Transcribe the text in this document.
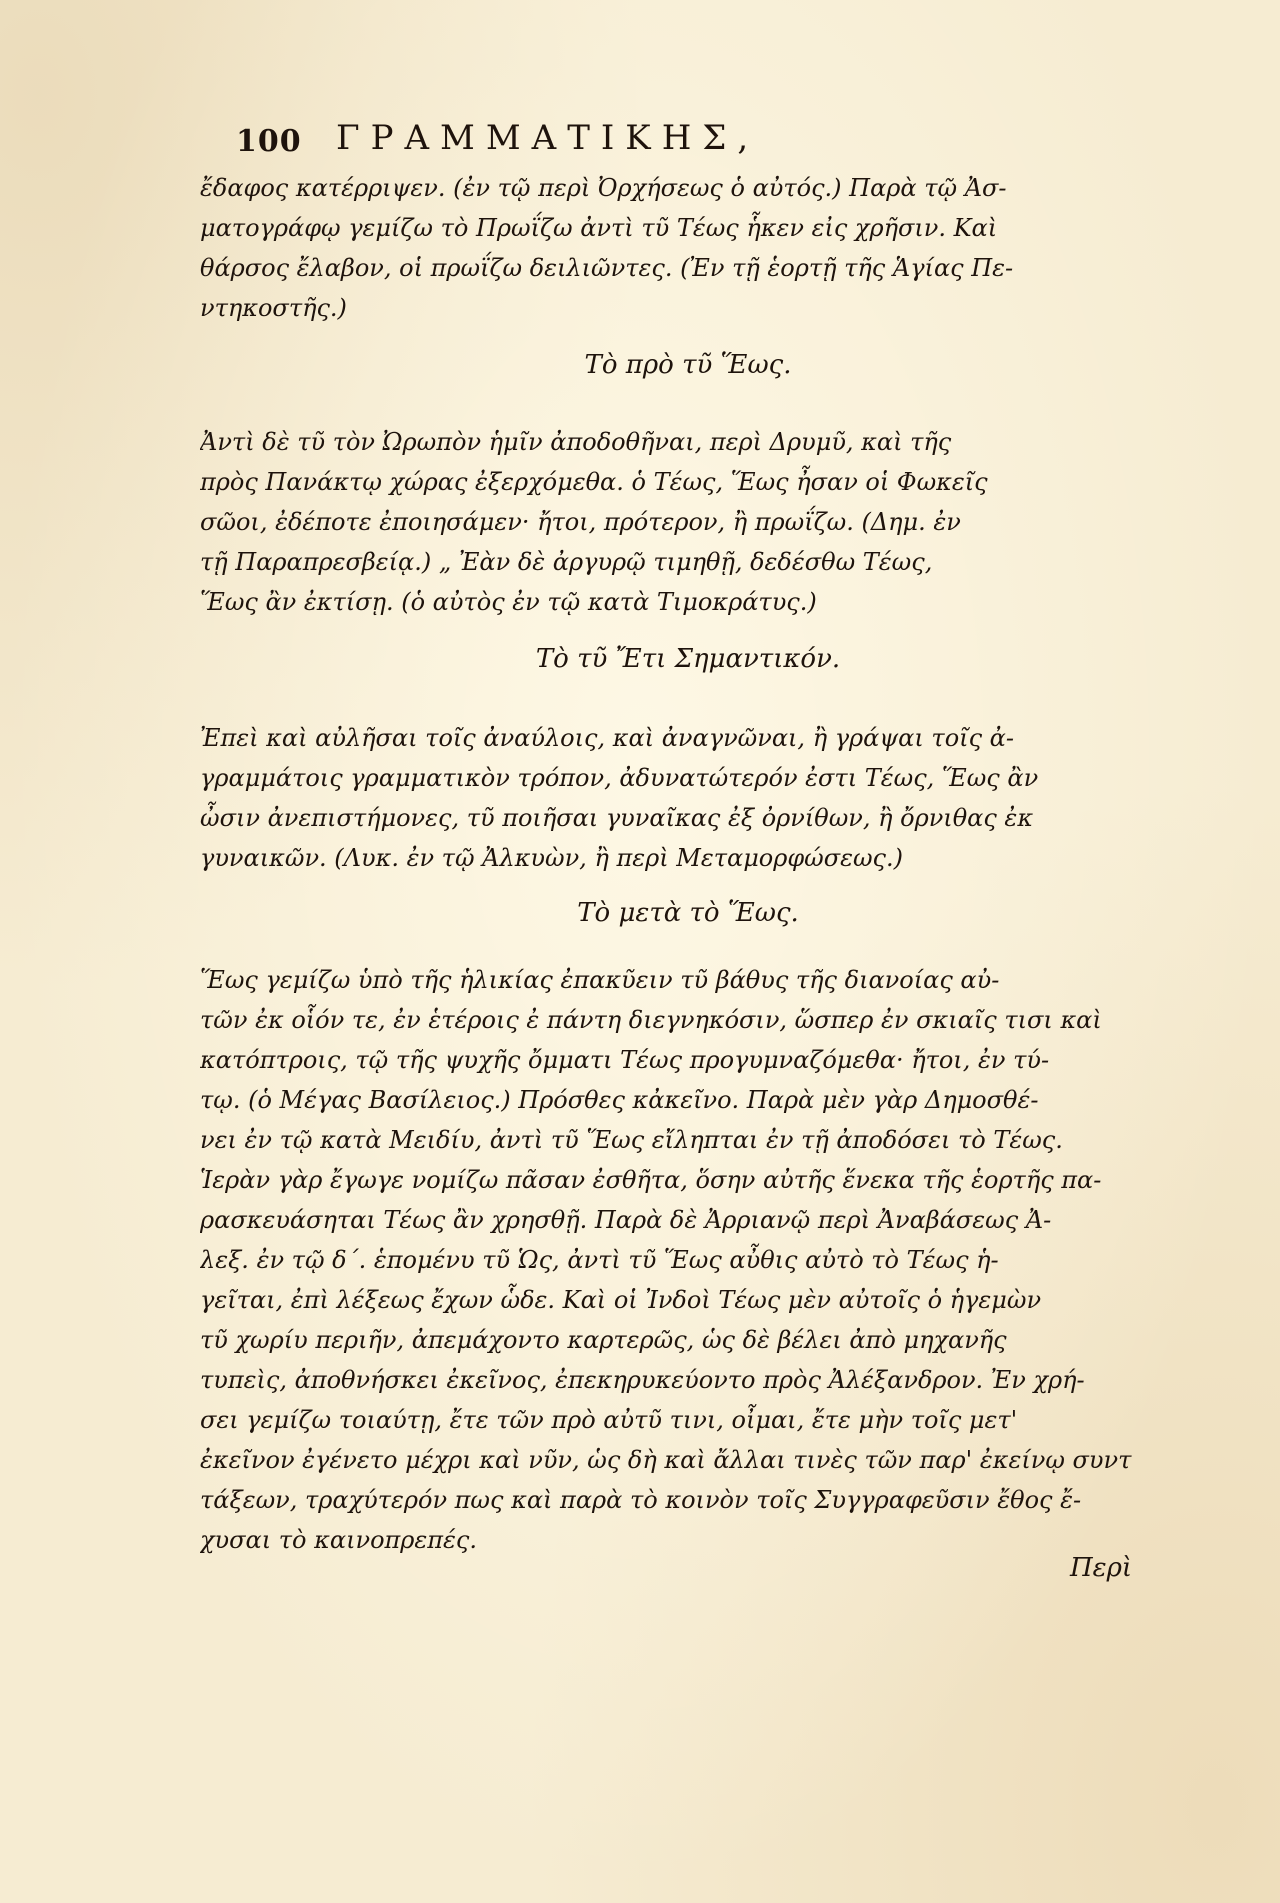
100 ΓΡΑΜΜΑΤΙΚΗΣ,

ἔδαφος κατέρρι​ψεν. (ἐν τῷ περὶ Ὀρχήσεως ὁ αὐτός.) Παρὰ τῷ Ἀσ-

ματογράφῳ γεμίζω τὸ Πρωΐζω ἀντὶ τῦ Τέως ἧκεν εἰς χρῆσιν. Καὶ

θάρσος ἔλαβον, οἱ πρωΐζω δειλιῶντες. (Ἐν τῇ ἑορτῇ τῆς Ἁγίας Πε-

ντηκοστῆς.)

Τὸ πρὸ τῦ Ἕως.

Ἀντὶ δὲ τῦ τὸν Ὠρωπὸν ἡμῖν ἀποδοθῆναι, περὶ Δρυμῦ, καὶ τῆς

πρὸς Πανάκτῳ χώρας ἐξερχόμεθα. ὁ Τέως, Ἕως ἦσαν οἱ Φωκεῖς

σῶοι, ἐδέποτε ἐποιησάμεν· ἤτοι, πρότερον, ἢ πρωΐζω. (Δημ. ἐν

τῇ Παραπρεσβείᾳ.) „ Ἐὰν δὲ ἀργυρῷ τιμηθῇ, δεδέσθω Τέως,

Ἕως ἂν ἐκτίσῃ. (ὁ αὐτὸς ἐν τῷ κατὰ Τιμοκράτυς.)

Τὸ τῦ Ἔτι Σημαντικόν.

Ἐπεὶ καὶ αὐλῆσαι τοῖς ἀναύλοις, καὶ ἀναγνῶναι, ἢ γράψαι τοῖς ἀ-

γραμμάτοις γραμματικὸν τρόπον, ἀδυνατώτερόν ἐστι Τέως, Ἕως ἂν

ὦσιν ἀνεπιστήμονες, τῦ ποιῆσαι γυναῖκας ἐξ ὀρνίθων, ἢ ὄρνιθας ἐκ

γυναικῶν. (Λυκ. ἐν τῷ Ἀλκυὼν, ἢ περὶ Μεταμορφώσεως.)

Τὸ μετὰ τὸ Ἕως.

Ἕως γεμίζω ὑπὸ τῆς ἡλικίας ἐπακῦειν τῦ βάθυς τῆς διανοίας αὐ-

τῶν ἐκ οἷόν τε, ἐν ἑτέροις ἐ πάντη διεγνηκόσιν, ὥσπερ ἐν σκιαῖς τισι καὶ

κατόπτροις, τῷ τῆς ψυχῆς ὄμματι Τέως προγυμναζόμεθα· ἤτοι, ἐν τύ-

τῳ. (ὁ Μέγας Βασίλειος.) Πρόσθες κἀκεῖνο. Παρὰ μὲν γὰρ Δημοσθέ-

νει ἐν τῷ κατὰ Μειδίυ, ἀντὶ τῦ Ἕως εἴληπται ἐν τῇ ἀποδόσει τὸ Τέως.

Ἱερὰν γὰρ ἔγωγε νομίζω πᾶσαν ἐσθῆτα, ὅσην αὐτῆς ἕνεκα τῆς ἑορτῆς πα-

ρασκευάσηται Τέως ἂν χρησθῇ. Παρὰ δὲ Ἀρριανῷ περὶ Ἀναβάσεως Ἀ-

λεξ. ἐν τῷ δ΄. ἑπομένυ τῦ Ὡς, ἀντὶ τῦ Ἕως αὖθις αὐτὸ τὸ Τέως ἡ-

γεῖται, ἐπὶ λέξεως ἔχων ὧδε. Καὶ οἱ Ἰνδοὶ Τέως μὲν αὐτοῖς ὁ ἡγεμὼν

τῦ χωρίυ περιῆν, ἀπεμάχοντο καρτερῶς, ὡς δὲ βέλει ἀπὸ μηχανῆς

τυπεὶς, ἀποθνήσκει ἐκεῖνος, ἐπεκηρυκεύοντο πρὸς Ἀλέξανδρον. Ἐν χρή-

σει γεμίζω τοιαύτῃ, ἔτε τῶν πρὸ αὐτῦ τινι, οἶμαι, ἔτε μὴν τοῖς μετ'

ἐκεῖνον ἐγένετο μέχρι καὶ νῦν, ὡς δὴ καὶ ἄλλαι τινὲς τῶν παρ' ἐκείνῳ συντ

τάξεων, τραχύτερόν πως καὶ παρὰ τὸ κοινὸν τοῖς Συγγραφεῦσιν ἔθος ἔ-

χυσαι τὸ καινοπρεπές.

Περὶ
